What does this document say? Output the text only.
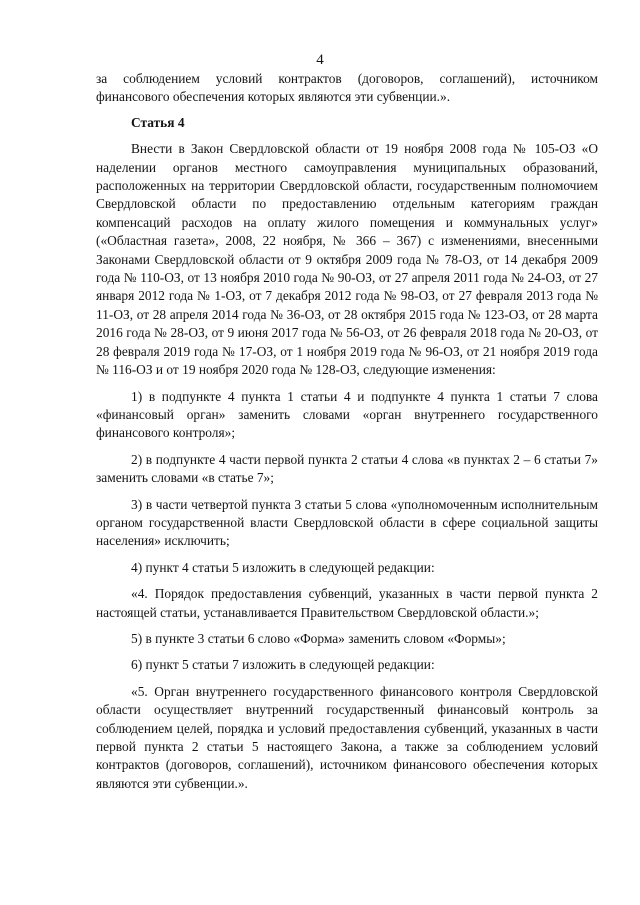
4

за соблюдением условий контрактов (договоров, соглашений), источником финансового обеспечения которых являются эти субвенции.».

Статья 4

Внести в Закон Свердловской области от 19 ноября 2008 года № 105-ОЗ «О наделении органов местного самоуправления муниципальных образований, расположенных на территории Свердловской области, государственным полномочием Свердловской области по предоставлению отдельным категориям граждан компенсаций расходов на оплату жилого помещения и коммунальных услуг» («Областная газета», 2008, 22 ноября, № 366 – 367) с изменениями, внесенными Законами Свердловской области от 9 октября 2009 года № 78-ОЗ, от 14 декабря 2009 года № 110-ОЗ, от 13 ноября 2010 года № 90-ОЗ, от 27 апреля 2011 года № 24-ОЗ, от 27 января 2012 года № 1-ОЗ, от 7 декабря 2012 года № 98-ОЗ, от 27 февраля 2013 года № 11-ОЗ, от 28 апреля 2014 года № 36-ОЗ, от 28 октября 2015 года № 123-ОЗ, от 28 марта 2016 года № 28-ОЗ, от 9 июня 2017 года № 56-ОЗ, от 26 февраля 2018 года № 20-ОЗ, от 28 февраля 2019 года № 17-ОЗ, от 1 ноября 2019 года № 96-ОЗ, от 21 ноября 2019 года № 116-ОЗ и от 19 ноября 2020 года № 128-ОЗ, следующие изменения:

1) в подпункте 4 пункта 1 статьи 4 и подпункте 4 пункта 1 статьи 7 слова «финансовый орган» заменить словами «орган внутреннего государственного финансового контроля»;

2) в подпункте 4 части первой пункта 2 статьи 4 слова «в пунктах 2 – 6 статьи 7» заменить словами «в статье 7»;

3) в части четвертой пункта 3 статьи 5 слова «уполномоченным исполнительным органом государственной власти Свердловской области в сфере социальной защиты населения» исключить;

4) пункт 4 статьи 5 изложить в следующей редакции:

«4. Порядок предоставления субвенций, указанных в части первой пункта 2 настоящей статьи, устанавливается Правительством Свердловской области.»;

5) в пункте 3 статьи 6 слово «Форма» заменить словом «Формы»;

6) пункт 5 статьи 7 изложить в следующей редакции:

«5. Орган внутреннего государственного финансового контроля Свердловской области осуществляет внутренний государственный финансовый контроль за соблюдением целей, порядка и условий предоставления субвенций, указанных в части первой пункта 2 статьи 5 настоящего Закона, а также за соблюдением условий контрактов (договоров, соглашений), источником финансового обеспечения которых являются эти субвенции.».
